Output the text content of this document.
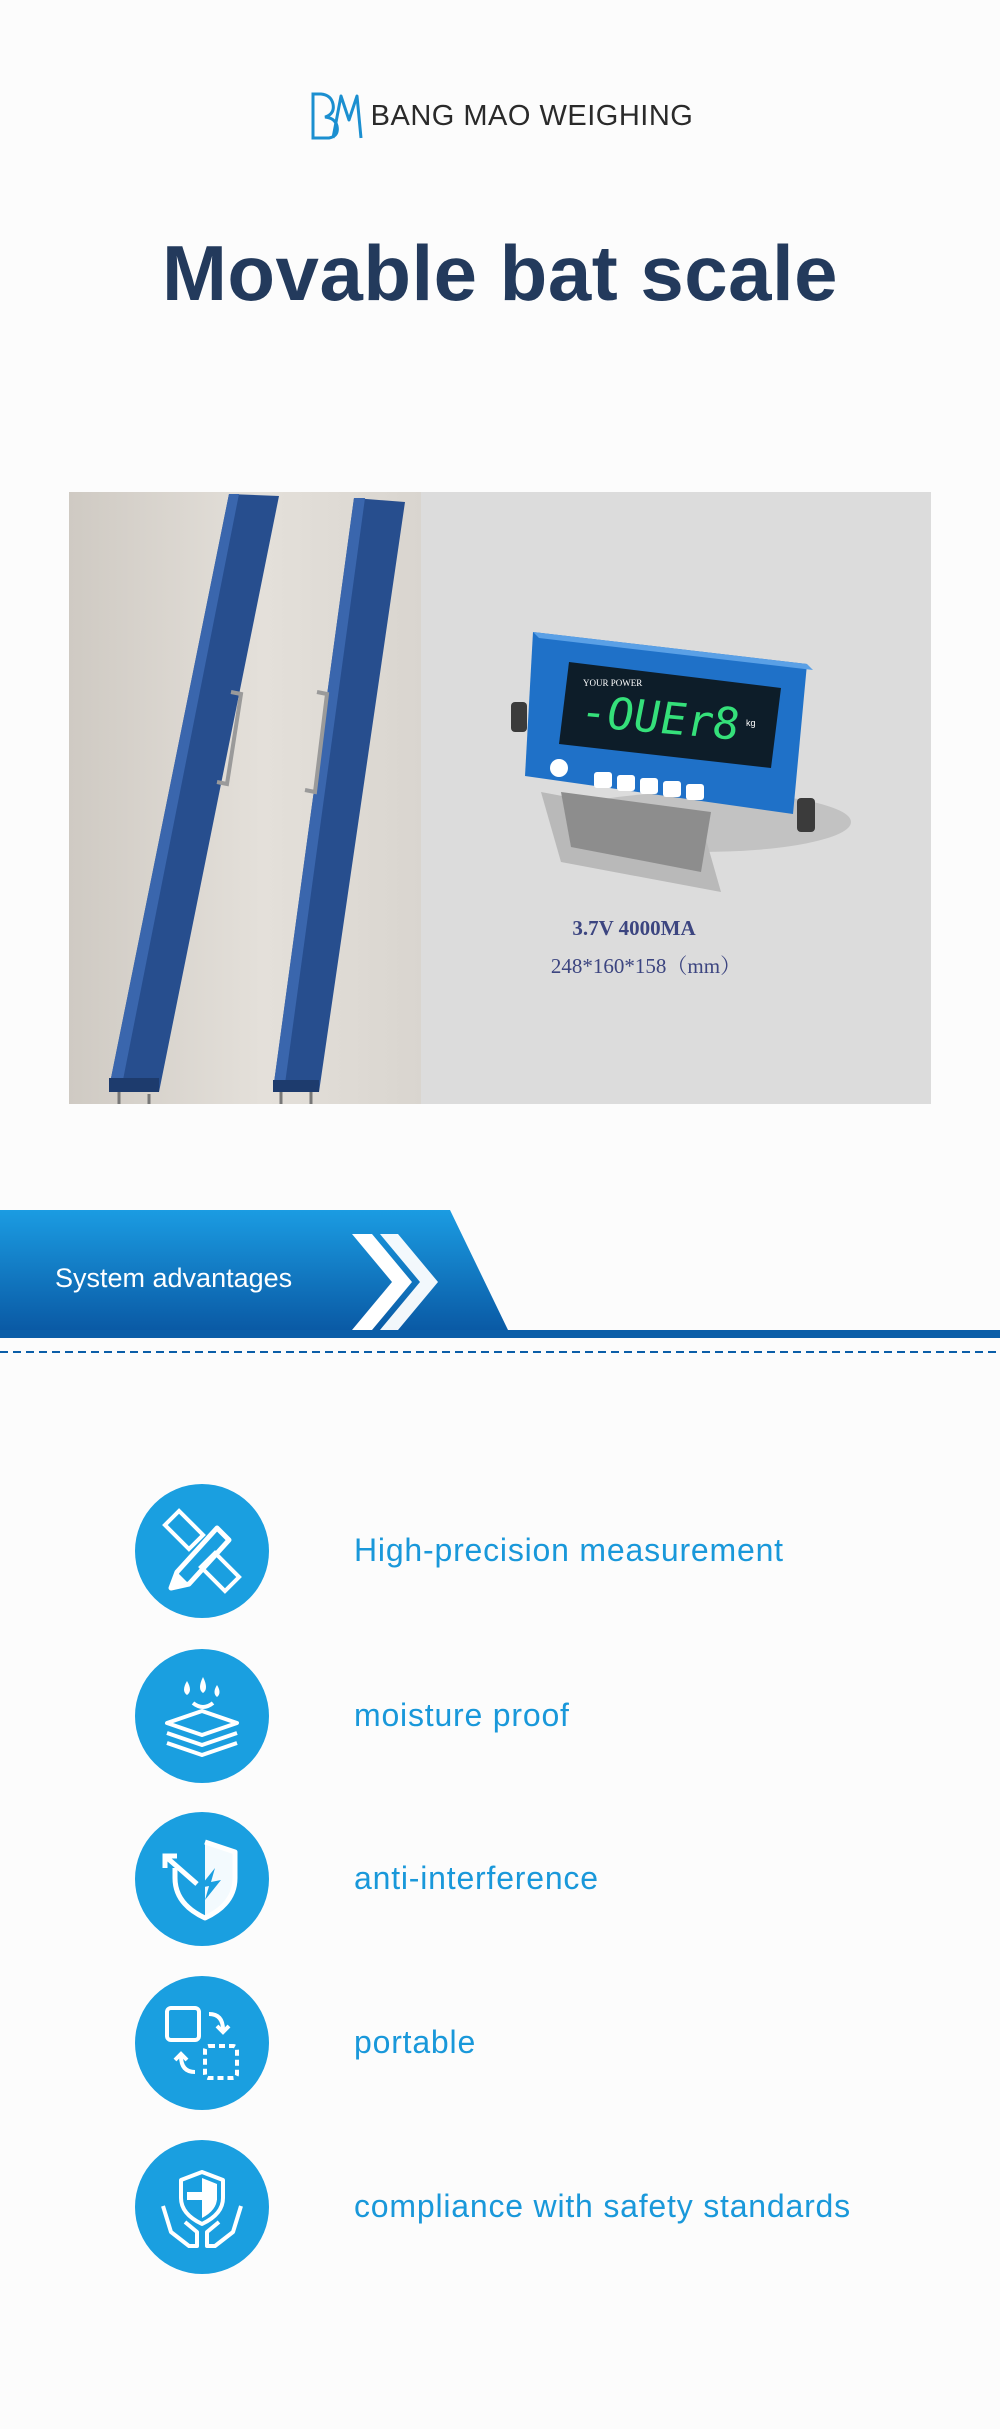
BANG MAO WEIGHING
Movable bat scale
YOUR POWER
kg
-OUEr8
3.7V 4000MA
248*160*158（mm）
System advantages
High-precision measurement
moisture proof
anti-interference
portable
compliance with safety standards
